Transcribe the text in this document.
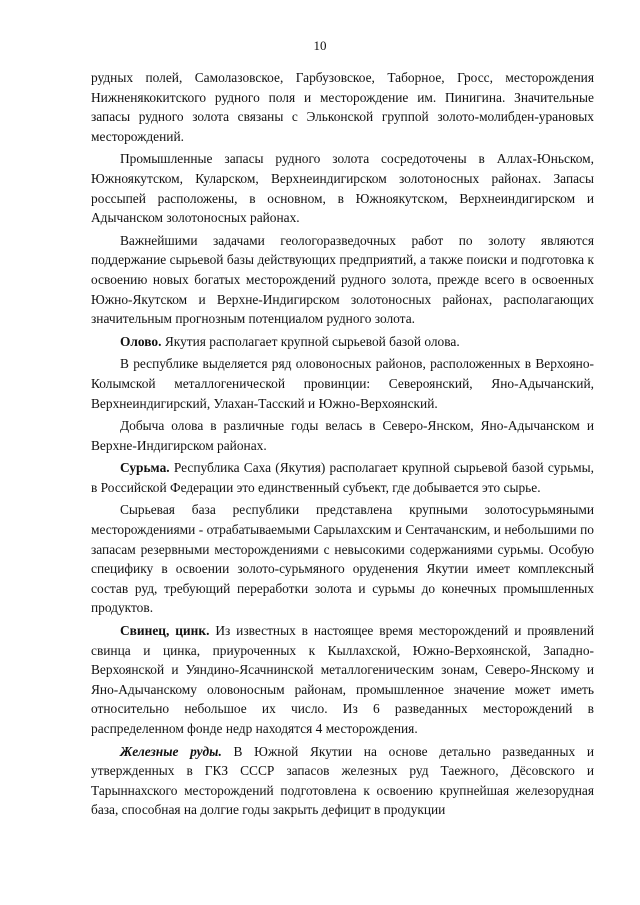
10

рудных полей, Самолазовское, Гарбузовское, Таборное, Гросс, месторождения Нижненякокитского рудного поля и месторождение им. Пинигина. Значительные запасы рудного золота связаны с Эльконской группой золото-молибден-урановых месторождений.

Промышленные запасы рудного золота сосредоточены в Аллах-Юньском, Южноякутском, Куларском, Верхнеиндигирском золотоносных районах. Запасы россыпей расположены, в основном, в Южноякутском, Верхнеиндигирском и Адычанском золотоносных районах.

Важнейшими задачами геологоразведочных работ по золоту являются поддержание сырьевой базы действующих предприятий, а также поиски и подготовка к освоению новых богатых месторождений рудного золота, прежде всего в освоенных Южно-Якутском и Верхне-Индигирском золотоносных районах, располагающих значительным прогнозным потенциалом рудного золота.

Олово. Якутия располагает крупной сырьевой базой олова.

В республике выделяется ряд оловоносных районов, расположенных в Верхояно-Колымской металлогенической провинции: Североянский, Яно-Адычанский, Верхнеиндигирский, Улахан-Тасский и Южно-Верхоянский.

Добыча олова в различные годы велась в Северо-Янском, Яно-Адычанском и Верхне-Индигирском районах.

Сурьма. Республика Саха (Якутия) располагает крупной сырьевой базой сурьмы, в Российской Федерации это единственный субъект, где добывается это сырье.

Сырьевая база республики представлена крупными золотосурьмяными месторождениями - отрабатываемыми Сарылахским и Сентачанским, и небольшими по запасам резервными месторождениями с невысокими содержаниями сурьмы. Особую специфику в освоении золото-сурьмяного оруденения Якутии имеет комплексный состав руд, требующий переработки золота и сурьмы до конечных промышленных продуктов.

Свинец, цинк. Из известных в настоящее время месторождений и проявлений свинца и цинка, приуроченных к Кыллахской, Южно-Верхоянской, Западно-Верхоянской и Уяндино-Ясачнинской металлогеническим зонам, Северо-Янскому и Яно-Адычанскому оловоносным районам, промышленное значение может иметь относительно небольшое их число. Из 6 разведанных месторождений в распределенном фонде недр находятся 4 месторождения.

Железные руды. В Южной Якутии на основе детально разведанных и утвержденных в ГКЗ СССР запасов железных руд Таежного, Дёсовского и Тарыннахского месторождений подготовлена к освоению крупнейшая железорудная база, способная на долгие годы закрыть дефицит в продукции
